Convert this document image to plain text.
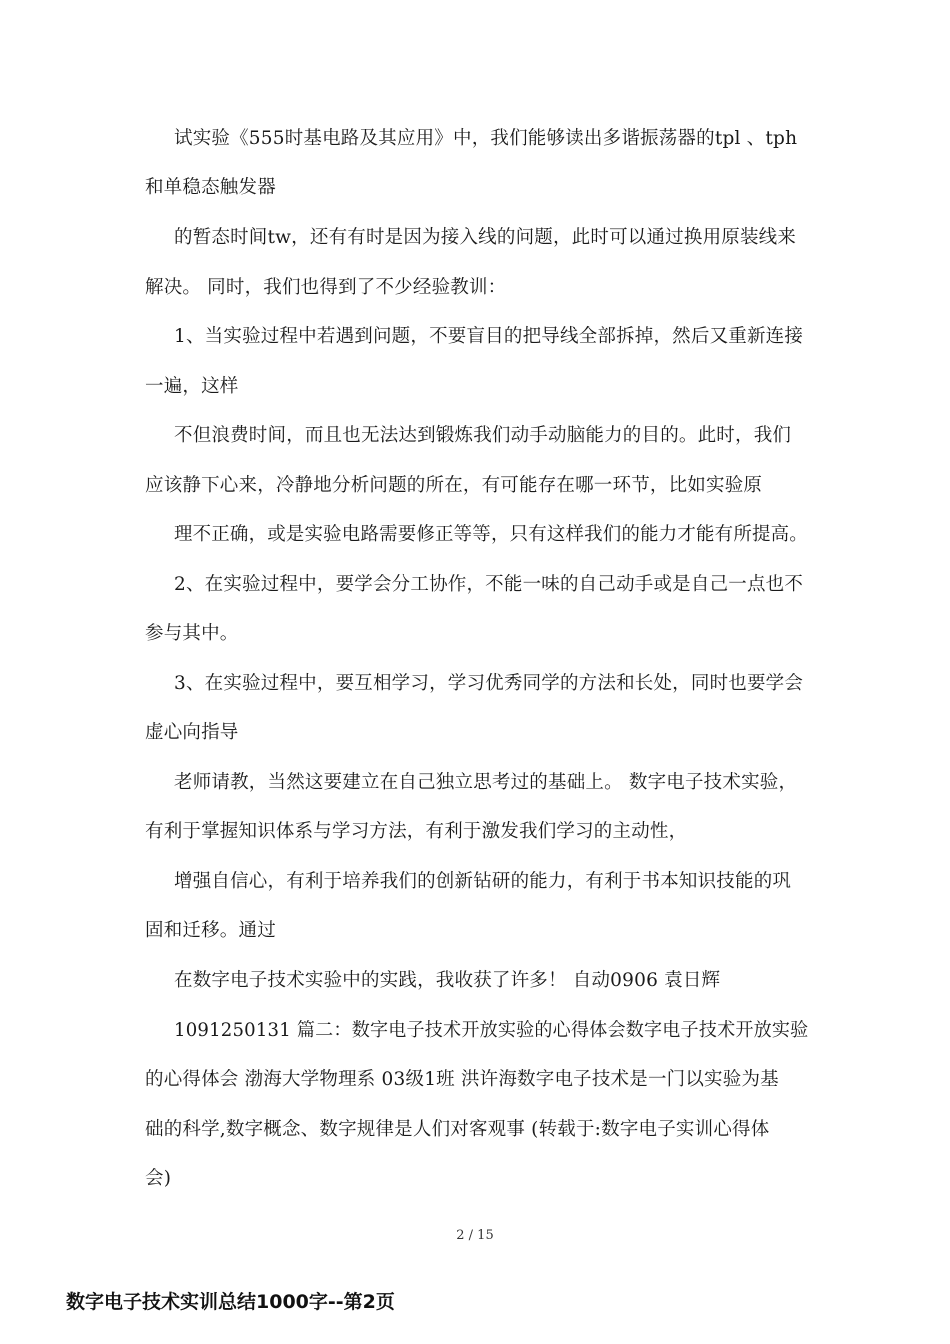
试实验《555时基电路及其应用》中，我们能够读出多谐振荡器的tpl 、tph
和单稳态触发器
的暂态时间tw，还有有时是因为接入线的问题，此时可以通过换用原装线来
解决。 同时，我们也得到了不少经验教训：
1、当实验过程中若遇到问题，不要盲目的把导线全部拆掉，然后又重新连接
一遍，这样
不但浪费时间，而且也无法达到锻炼我们动手动脑能力的目的。此时，我们
应该静下心来，冷静地分析问题的所在，有可能存在哪一环节，比如实验原
理不正确，或是实验电路需要修正等等，只有这样我们的能力才能有所提高。
2、在实验过程中，要学会分工协作，不能一味的自己动手或是自己一点也不
参与其中。
3、在实验过程中，要互相学习，学习优秀同学的方法和长处，同时也要学会
虚心向指导
老师请教，当然这要建立在自己独立思考过的基础上。 数字电子技术实验，
有利于掌握知识体系与学习方法，有利于激发我们学习的主动性，
增强自信心，有利于培养我们的创新钻研的能力，有利于书本知识技能的巩
固和迁移。通过
在数字电子技术实验中的实践，我收获了许多！ 自动0906 袁日辉
1091250131 篇二：数字电子技术开放实验的心得体会数字电子技术开放实验
的心得体会 渤海大学物理系 03级1班 洪许海数字电子技术是一门以实验为基
础的科学,数字概念、数字规律是人们对客观事 (转载于:数字电子实训心得体
会)
2 / 15
数字电子技术实训总结1000字--第2页
